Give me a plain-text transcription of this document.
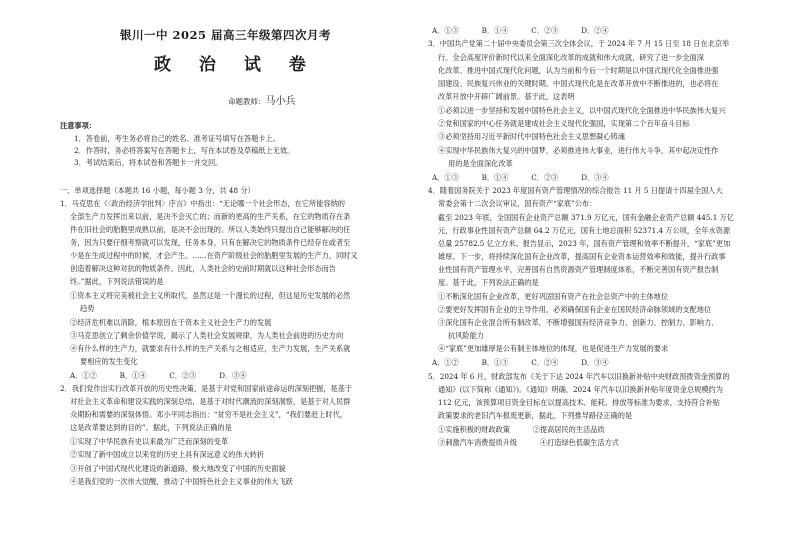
银川一中 2025 届高三年级第四次月考
政 治 试 卷
命题教师：马小兵
注意事项：
1．答卷前，考生务必将自己的姓名、准考证号填写在答题卡上。
2．作答时，务必将答案写在答题卡上，写在本试卷及草稿纸上无效。
3．考试结束后，将本试卷和答题卡一并交回。
一、单项选择题（本题共 16 小题，每小题 3 分，共 48 分）
1．马克思在《〈政治经济学批判〉序言》中指出：“无论哪一个社会形态，在它所能容纳的
全部生产力发挥出来以前，是决不会灭亡的；而新的更高的生产关系，在它的物质存在条
件在旧社会的胎胞里成熟以前，是决不会出现的。所以人类始终只提出自己能够解决的任
务，因为只要仔细考察就可以发现，任务本身，只有在解决它的物质条件已经存在或者至
少是在生成过程中的时候，才会产生。……在资产阶级社会的胎胞里发展的生产力，同时又
创造着解决这种对抗的物质条件。因此，人类社会的史前时期就以这种社会形态而告
终。”据此，下列说法错误的是
①资本主义将完美被社会主义所取代，虽然这是一个漫长的过程，但这是历史发展的必然
趋势
②经济危机难以消除，根本原因在于资本主义社会生产力的发展
③马克思创立了剩余价值学说，揭示了人类社会发展规律，为人类社会前进的历史方向
④有什么样的生产力，就要求有什么样的生产关系与之相适应，生产力发展，生产关系就
要相应的发生变化
A．①②          B．①④          C．②③          D．③④
2．我们党作出实行改革开放的历史性决策，是基于对党和国家前途命运的深刻把握，是基于
对社会主义革命和建设实践的深刻总结，是基于对时代潮流的深刻洞察，是基于对人民群
众期盼和需要的深刻体悟。邓小平同志指出：“贫穷不是社会主义”，“我们要赶上时代，
这是改革要达到的目的”。据此，下列说法正确的是
①实现了中华民族有史以来最为广泛而深刻的变革
②实现了新中国成立以来党的历史上具有深远意义的伟大转折
③开创了中国式现代化建设的新道路，极大地改变了中国的历史面貌
④是我们党的一次伟大觉醒，推动了中国特色社会主义事业的伟大飞跃
A．①③          B．①④          C．②③          D．②④
3．中国共产党第二十届中央委员会第三次全体会议，于 2024 年 7 月 15 日至 18 日在北京举
行。全会高度评价新时代以来全面深化改革的成就和伟大成就，研究了进一步全面深
化改革、推进中国式现代化问题，认为当前和今后一个时期是以中国式现代化全面推进强
国建设、民族复兴伟业的关键时期。中国式现代化是在改革开放中不断推进的，也必将在
改革开放中开辟广阔前景。基于此，这表明
①必须以进一步坚持和发展中国特色社会主义，以中国式现代化全面推进中华民族伟大复兴
②党和国家的中心任务就是建成社会主义现代化强国，实现第二个百年奋斗目标
③必须坚持用习近平新时代中国特色社会主义思想凝心铸魂
④实现中华民族伟大复兴的中国梦，必须推进伟大事业，进行伟大斗争，其中起决定性作
用的是全面深化改革
A．①③          B．①④          C．②③          D．③④
4．随着国务院关于 2023 年度国有资产管理情况的综合报告 11 月 5 日提请十四届全国人大
常委会第十二次会议审议，国有资产“家底”公布：
截至 2023 年底，全国国有企业资产总额 371.9 万亿元，国有金融企业资产总额 445.1 万亿
元，行政事业性国有资产总额 64.2 万亿元，国有土地总面积 52371.4 万公顷，全年水资源
总量 25782.5 亿立方米。报告显示，2023 年，国有资产管理和效率不断提升，“家底”更加
雄厚。下一步，将持续深化国有企业改革，提高国有企业资本运营效率和效能，提升行政事
业性国有资产管理水平，完善国有自然资源资产管理制度体系，不断完善国有资产报告制
度。基于此，下列说法正确的是
①不断深化国有企业改革，更好巩固国有资产在社会总资产中的主体地位
②要更好发挥国有企业的主导作用，必须确保国有企业在国民经济命脉领域的支配地位
③深化国有企业混合所有制改革，不断增强国有经济竞争力、创新力、控制力、影响力、
抗风险能力
④“家底”更加雄厚是公有制主体地位的体现，也是促进生产力发展的要求
A．①②          B．①③          C．②④          D．③④
5．2024 年 6 月，财政部发布《关于下达 2024 年汽车以旧换新补贴中央财政预拨资金预算的
通知》(以下简称《通知》)。《通知》明确，2024 年汽车以旧换新补贴年度资金总规模约为
112 亿元，该预算项目资金目标在以提高技术、能耗、排放等标准为要求，支持符合补贴
政策要求的老旧汽车报废更新，据此，下列推导路径正确的是
①实施积极的财政政策          ②提高居民的生活品质
③刺激汽车消费提质升级          ④打造绿色低碳生活方式
